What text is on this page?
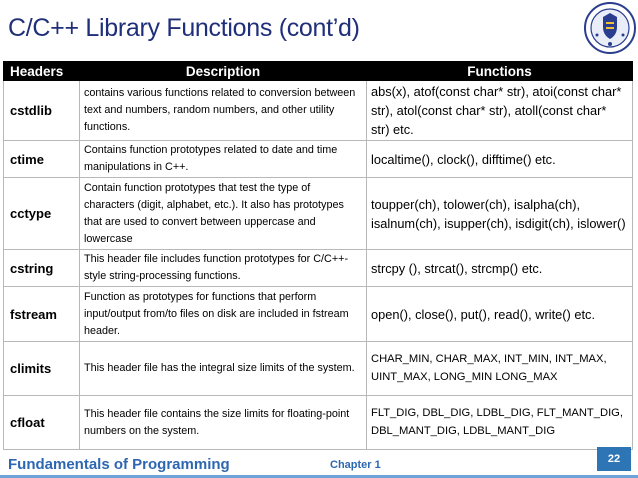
C/C++ Library Functions (cont’d)
Headers	Description	Functions
cstdlib	contains various functions related to conversion between text and numbers, random numbers, and other utility functions.	abs(x), atof(const char* str), atoi(const char* str), atol(const char* str), atoll(const char* str) etc.
ctime	Contains function prototypes related to date and time manipulations in C++.	localtime(), clock(), difftime() etc.
cctype	Contain function prototypes that test the type of characters (digit, alphabet, etc.). It also has prototypes that are used to convert between uppercase and lowercase	toupper(ch), tolower(ch), isalpha(ch), isalnum(ch), isupper(ch), isdigit(ch), islower()
cstring	This header file includes function prototypes for C/C++-style string-processing functions.	strcpy (), strcat(), strcmp() etc.
fstream	Function as prototypes for functions that perform input/output from/to files on disk are included in fstream header.	open(), close(), put(), read(), write() etc.
climits	This header file has the integral size limits of the system.	CHAR_MIN, CHAR_MAX, INT_MIN, INT_MAX, UINT_MAX, LONG_MIN LONG_MAX
cfloat	This header file contains the size limits for floating-point numbers on the system.	FLT_DIG, DBL_DIG, LDBL_DIG, FLT_MANT_DIG, DBL_MANT_DIG, LDBL_MANT_DIG
Fundamentals of Programming	Chapter 1	22
